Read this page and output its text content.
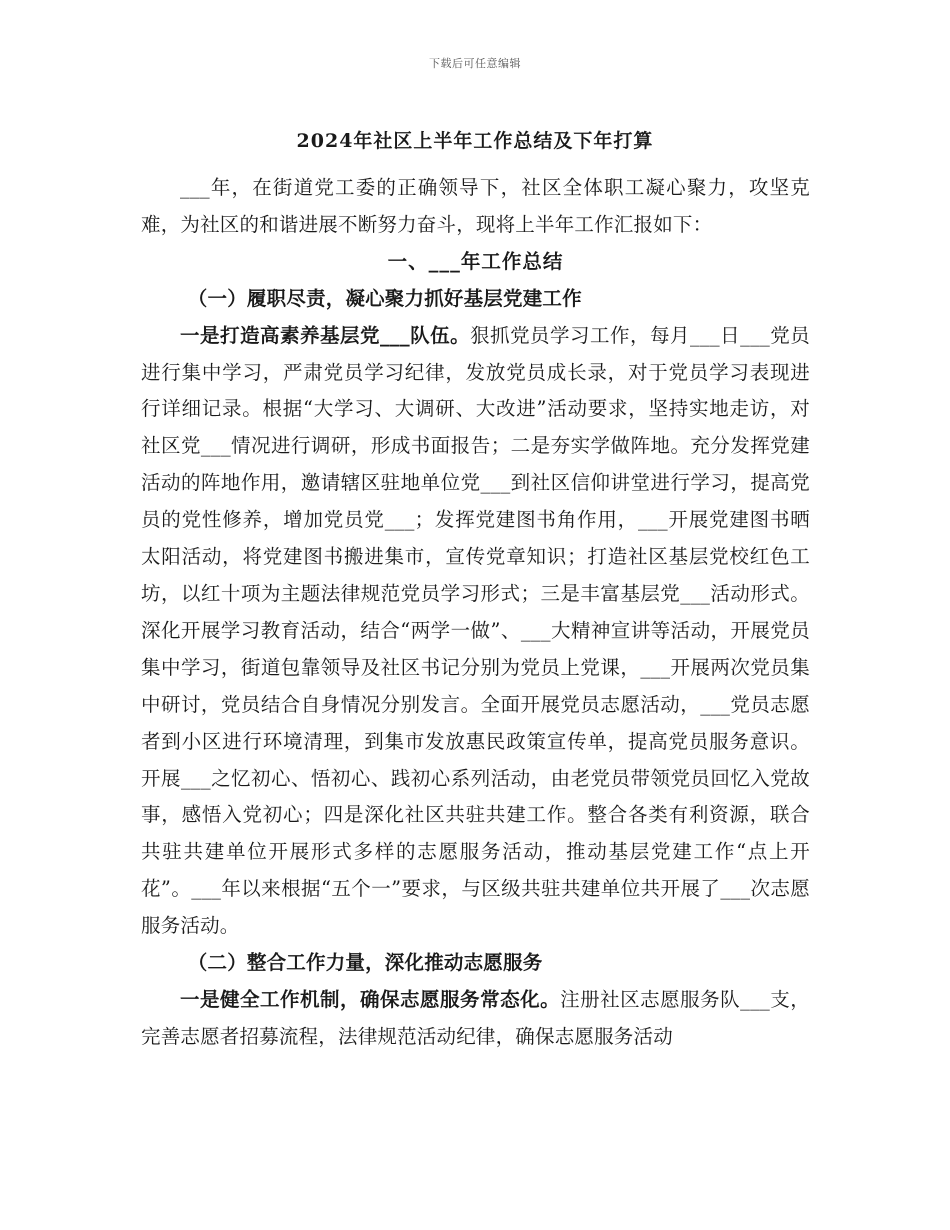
下载后可任意编辑
2024年社区上半年工作总结及下年打算

___年，在街道党工委的正确领导下，社区全体职工凝心聚力，攻坚克难，为社区的和谐进展不断努力奋斗，现将上半年工作汇报如下：

一、___年工作总结

（一）履职尽责，凝心聚力抓好基层党建工作

一是打造高素养基层党___队伍。狠抓党员学习工作，每月___日___党员进行集中学习，严肃党员学习纪律，发放党员成长录，对于党员学习表现进行详细记录。根据“大学习、大调研、大改进”活动要求，坚持实地走访，对社区党___情况进行调研，形成书面报告；二是夯实学做阵地。充分发挥党建活动的阵地作用，邀请辖区驻地单位党___到社区信仰讲堂进行学习，提高党员的党性修养，增加党员党___；发挥党建图书角作用，___开展党建图书晒太阳活动，将党建图书搬进集市，宣传党章知识；打造社区基层党校红色工坊，以红十项为主题法律规范党员学习形式；三是丰富基层党___活动形式。深化开展学习教育活动，结合“两学一做”、___大精神宣讲等活动，开展党员集中学习，街道包靠领导及社区书记分别为党员上党课，___开展两次党员集中研讨，党员结合自身情况分别发言。全面开展党员志愿活动，___党员志愿者到小区进行环境清理，到集市发放惠民政策宣传单，提高党员服务意识。开展___之忆初心、悟初心、践初心系列活动，由老党员带领党员回忆入党故事，感悟入党初心；四是深化社区共驻共建工作。整合各类有利资源，联合共驻共建单位开展形式多样的志愿服务活动，推动基层党建工作“点上开花”。___年以来根据“五个一”要求，与区级共驻共建单位共开展了___次志愿服务活动。

（二）整合工作力量，深化推动志愿服务

一是健全工作机制，确保志愿服务常态化。注册社区志愿服务队___支，完善志愿者招募流程，法律规范活动纪律，确保志愿服务活动
